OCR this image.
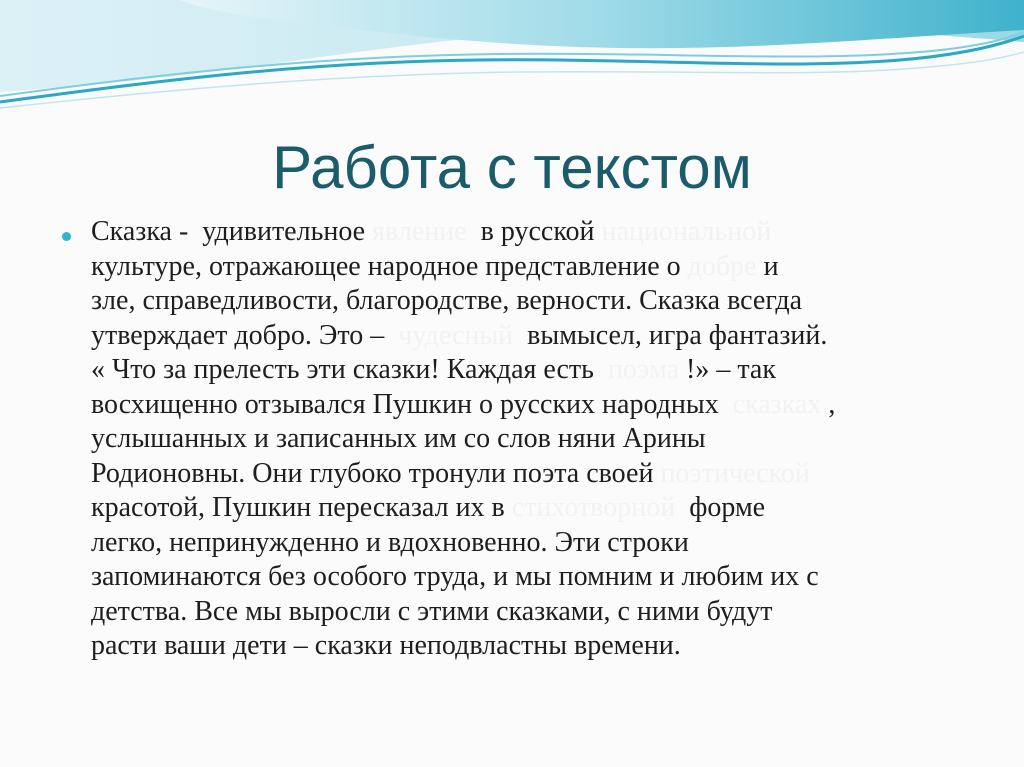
Работа с текстом
Сказка -  удивительное явление  в русской национальной
культуре, отражающее народное представление о добре и
зле, справедливости, благородстве, верности. Сказка всегда
утверждает добро. Это –  чудесный  вымысел, игра фантазий.
« Что за прелесть эти сказки! Каждая есть  поэма !» – так
восхищенно отзывался Пушкин о русских народных  сказках ,
услышанных и записанных им со слов няни Арины
Родионовны. Они глубоко тронули поэта своей поэтической
красотой, Пушкин пересказал их в стихотворной  форме
легко, непринужденно и вдохновенно. Эти строки
запоминаются без особого труда, и мы помним и любим их с
детства. Все мы выросли с этими сказками, с ними будут
расти ваши дети – сказки неподвластны времени.
